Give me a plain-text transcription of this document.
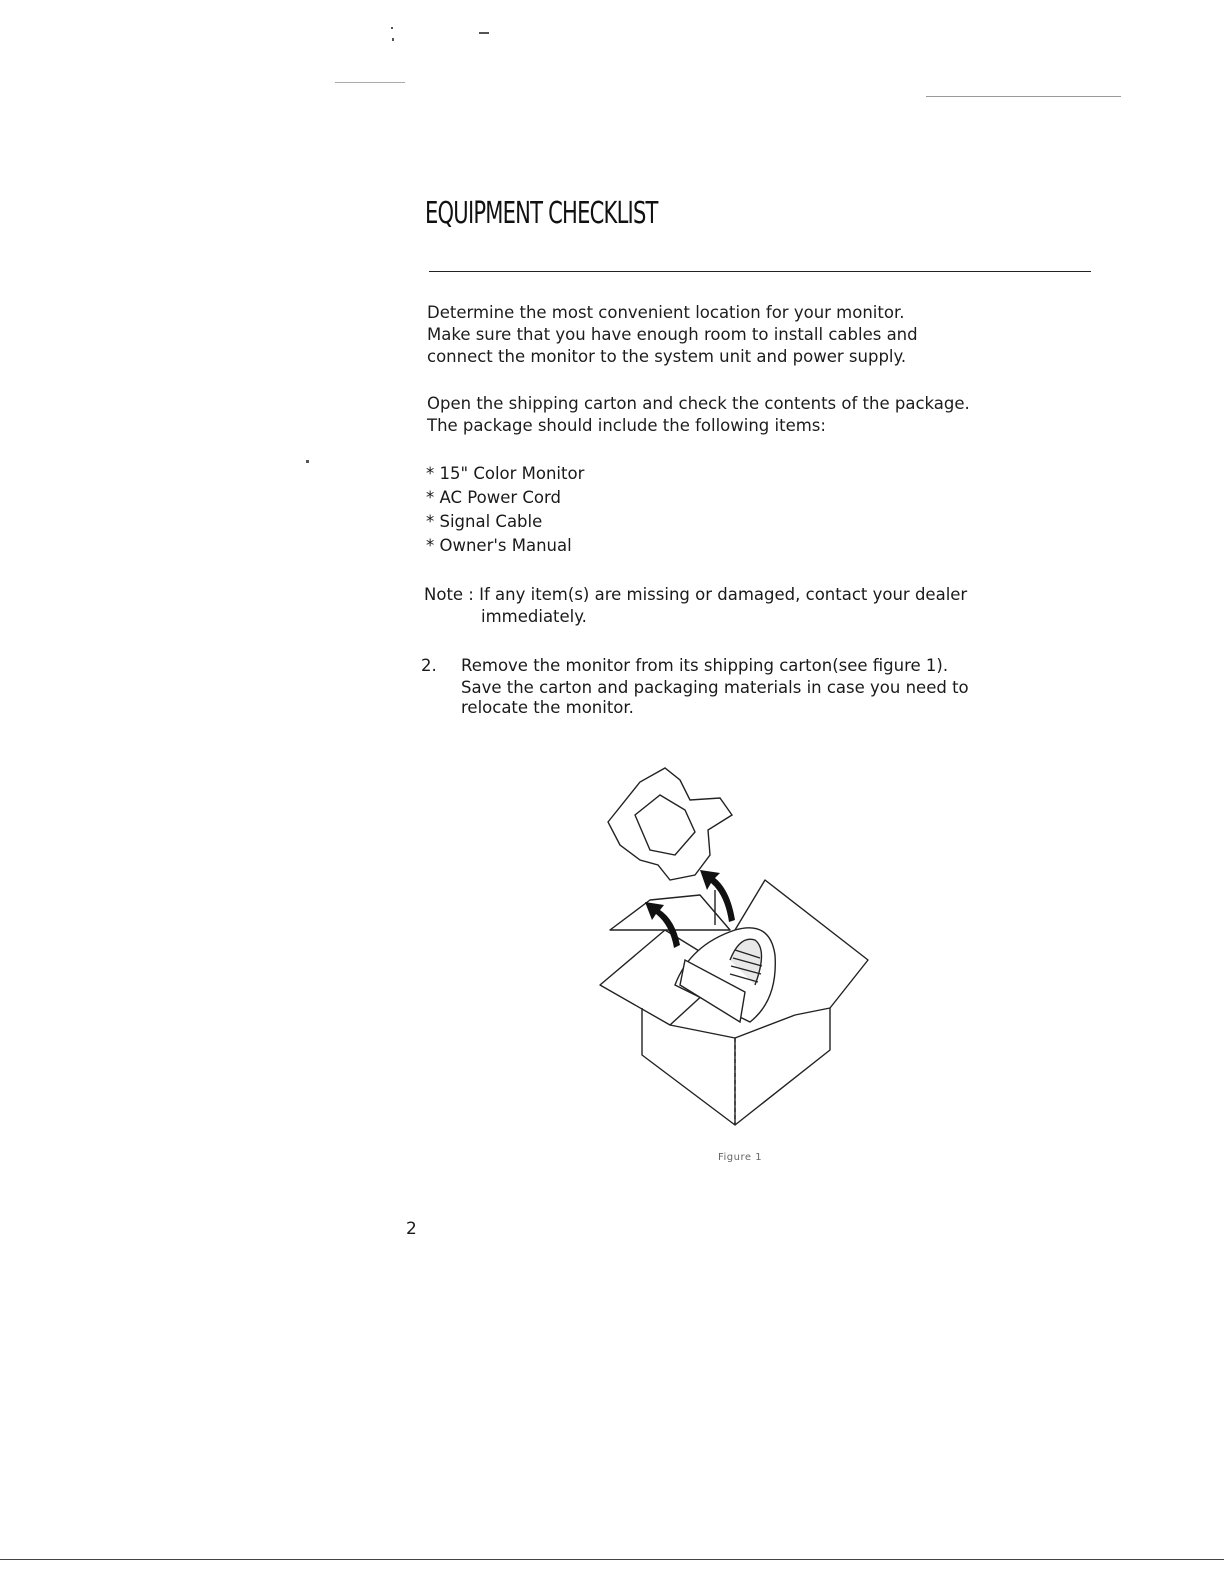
EQUIPMENT CHECKLIST
Determine the most convenient location for your monitor.
Make sure that you have enough room to install cables and
connect the monitor to the system unit and power supply.
Open the shipping carton and check the contents of the package.
The package should include the following items:
* 15" Color Monitor
* AC Power Cord
* Signal Cable
* Owner's Manual
Note : If any item(s) are missing or damaged, contact your dealer
immediately.
2. Remove the monitor from its shipping carton(see figure 1).
Save the carton and packaging materials in case you need to
relocate the monitor.
Figure 1
2
